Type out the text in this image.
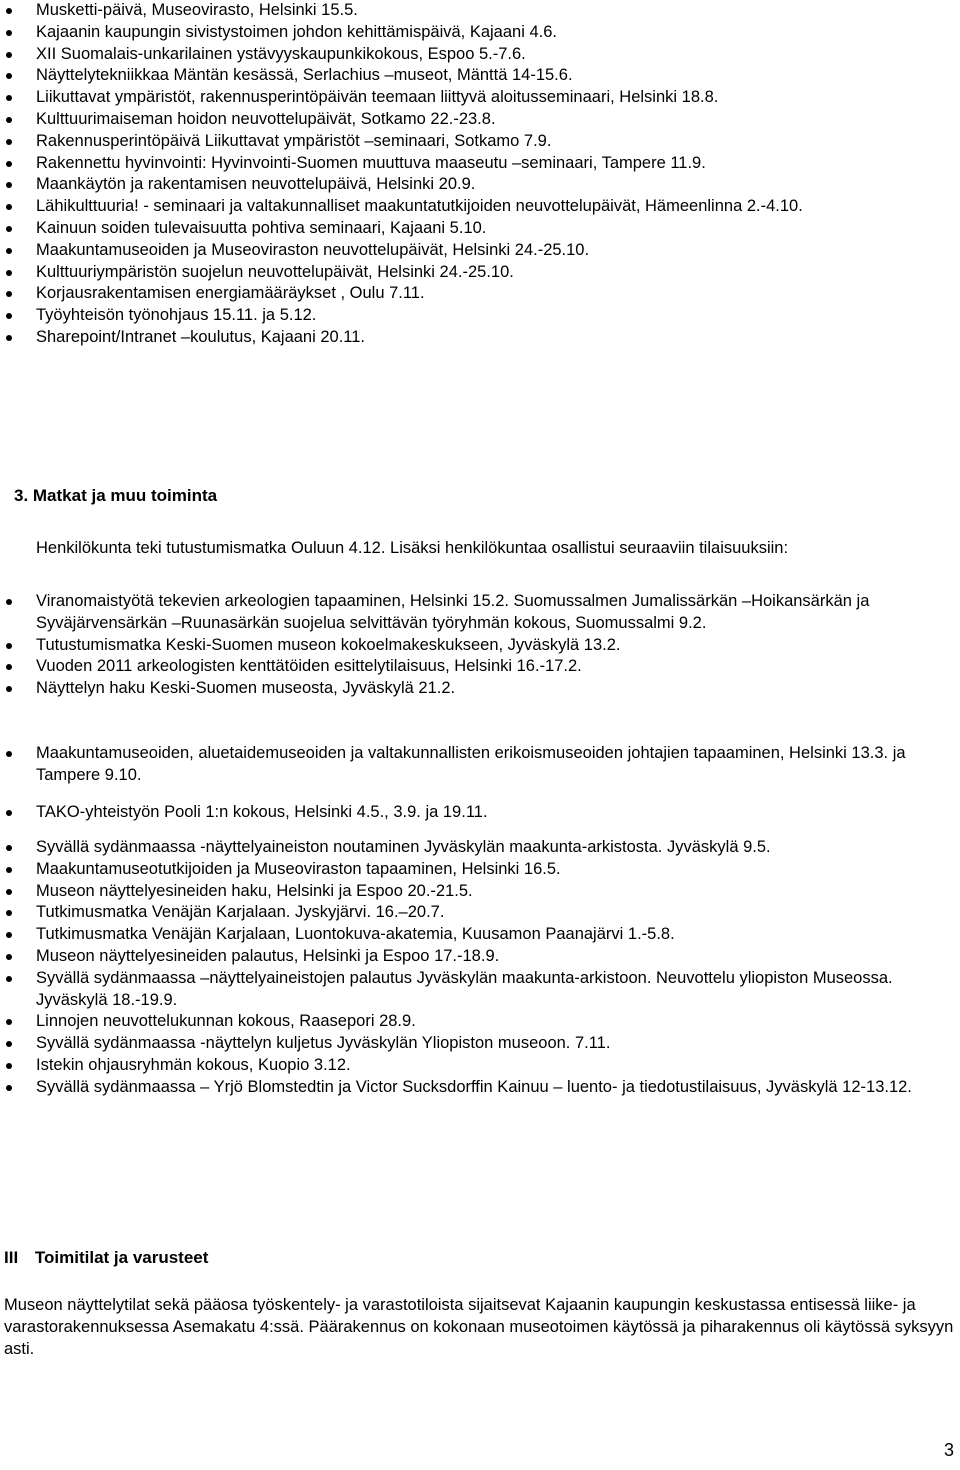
Musketti-päivä, Museovirasto, Helsinki 15.5.
Kajaanin kaupungin sivistystoimen johdon kehittämispäivä, Kajaani 4.6.
XII Suomalais-unkarilainen ystävyyskaupunkikokous, Espoo 5.-7.6.
Näyttelytekniikkaa Mäntän kesässä, Serlachius –museot, Mänttä 14-15.6.
Liikuttavat ympäristöt, rakennusperintöpäivän teemaan liittyvä aloitusseminaari, Helsinki 18.8.
Kulttuurimaiseman hoidon neuvottelupäivät, Sotkamo 22.-23.8.
Rakennusperintöpäivä Liikuttavat ympäristöt –seminaari, Sotkamo 7.9.
Rakennettu hyvinvointi: Hyvinvointi-Suomen muuttuva maaseutu –seminaari, Tampere 11.9.
Maankäytön ja rakentamisen neuvottelupäivä, Helsinki 20.9.
Lähikulttuuria! - seminaari ja valtakunnalliset maakuntatutkijoiden neuvottelupäivät, Hämeenlinna 2.-4.10.
Kainuun soiden tulevaisuutta pohtiva seminaari, Kajaani 5.10.
Maakuntamuseoiden ja Museoviraston neuvottelupäivät, Helsinki 24.-25.10.
Kulttuuriympäristön suojelun neuvottelupäivät, Helsinki 24.-25.10.
Korjausrakentamisen energiamääräykset , Oulu 7.11.
Työyhteisön työnohjaus 15.11. ja 5.12.
Sharepoint/Intranet –koulutus, Kajaani 20.11.
3. Matkat ja muu toiminta
Henkilökunta teki tutustumismatka Ouluun 4.12. Lisäksi henkilökuntaa osallistui seuraaviin tilaisuuksiin:
Viranomaistyötä tekevien arkeologien tapaaminen, Helsinki 15.2. Suomussalmen Jumalissärkän –Hoikansärkän ja Syväjärvensärkän –Ruunasärkän suojelua selvittävän työryhmän kokous, Suomussalmi 9.2.
Tutustumismatka Keski-Suomen museon kokoelmakeskukseen, Jyväskylä 13.2.
Vuoden 2011 arkeologisten kenttätöiden esittelytilaisuus, Helsinki 16.-17.2.
Näyttelyn haku Keski-Suomen museosta, Jyväskylä 21.2.
Maakuntamuseoiden, aluetaidemuseoiden ja valtakunnallisten erikoismuseoiden johtajien tapaaminen, Helsinki 13.3. ja Tampere 9.10.
TAKO-yhteistyön Pooli 1:n kokous, Helsinki 4.5., 3.9. ja 19.11.
Syvällä sydänmaassa -näyttelyaineiston noutaminen Jyväskylän maakunta-arkistosta. Jyväskylä 9.5.
Maakuntamuseotutkijoiden ja Museoviraston tapaaminen, Helsinki 16.5.
Museon näyttelyesineiden haku, Helsinki ja Espoo 20.-21.5.
Tutkimusmatka Venäjän Karjalaan. Jyskyjärvi. 16.–20.7.
Tutkimusmatka Venäjän Karjalaan, Luontokuva-akatemia, Kuusamon Paanajärvi 1.-5.8.
Museon näyttelyesineiden palautus, Helsinki ja Espoo 17.-18.9.
Syvällä sydänmaassa –näyttelyaineistojen palautus Jyväskylän maakunta-arkistoon. Neuvottelu yliopiston Museossa. Jyväskylä 18.-19.9.
Linnojen neuvottelukunnan kokous, Raasepori 28.9.
Syvällä sydänmaassa -näyttelyn kuljetus Jyväskylän Yliopiston museoon. 7.11.
Istekin ohjausryhmän kokous, Kuopio 3.12.
Syvällä sydänmaassa – Yrjö Blomstedtin ja Victor Sucksdorffin Kainuu – luento- ja tiedotustilaisuus, Jyväskylä 12-13.12.
III Toimitilat ja varusteet
Museon näyttelytilat sekä pääosa työskentely- ja varastotiloista sijaitsevat Kajaanin kaupungin keskustassa entisessä liike- ja varastorakennuksessa Asemakatu 4:ssä. Päärakennus on kokonaan museotoimen käytössä ja piharakennus oli käytössä syksyyn asti.
3
